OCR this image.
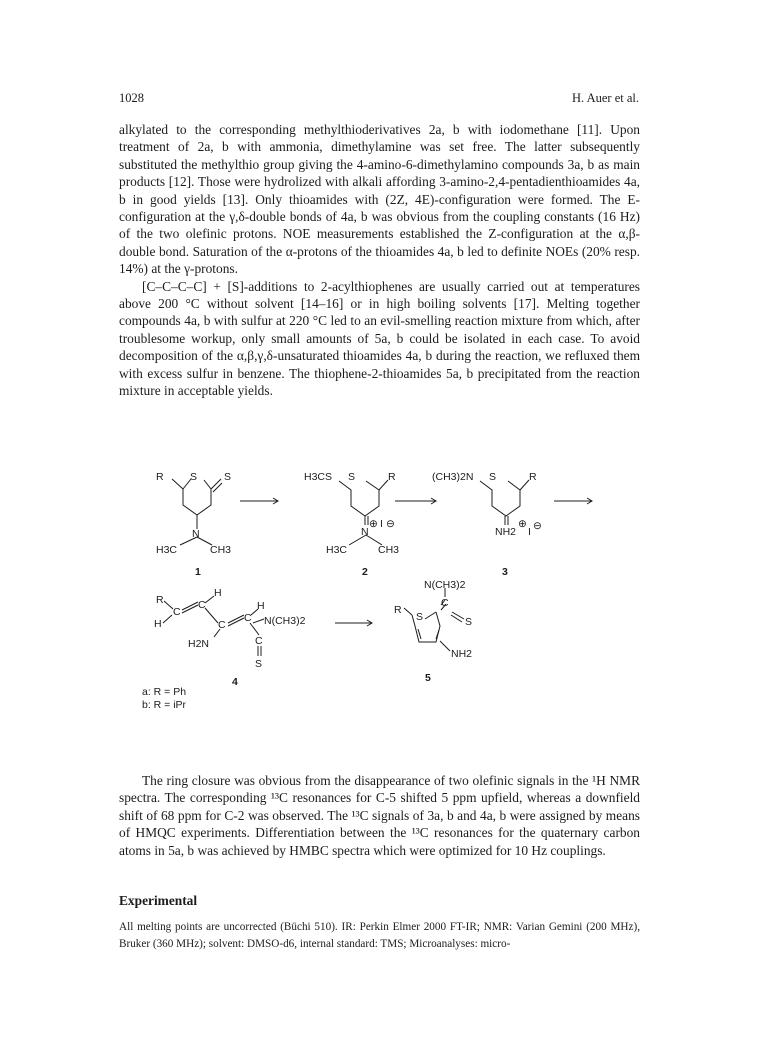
1028	H. Auer et al.

alkylated to the corresponding methylthioderivatives 2a, b with iodomethane [11]. Upon treatment of 2a, b with ammonia, dimethylamine was set free. The latter subsequently substituted the methylthio group giving the 4-amino-6-dimethylamino compounds 3a, b as main products [12]. Those were hydrolized with alkali affording 3-amino-2,4-pentadienthioamides 4a, b in good yields [13]. Only thioamides with (2Z, 4E)-configuration were formed. The E-configuration at the γ,δ-double bonds of 4a, b was obvious from the coupling constants (16 Hz) of the two olefinic protons. NOE measurements established the Z-configuration at the α,β-double bond. Saturation of the α-protons of the thioamides 4a, b led to definite NOEs (20% resp. 14%) at the γ-protons.

[C–C–C–C] + [S]-additions to 2-acylthiophenes are usually carried out at temperatures above 200 °C without solvent [14–16] or in high boiling solvents [17]. Melting together compounds 4a, b with sulfur at 220 °C led to an evil-smelling reaction mixture from which, after troublesome workup, only small amounts of 5a, b could be isolated in each case. To avoid decomposition of the α,β,γ,δ-unsaturated thioamides 4a, b during the reaction, we refluxed them with excess sulfur in benzene. The thiophene-2-thioamides 5a, b precipitated from the reaction mixture in acceptable yields.

R	S	S
N
H3C	CH3
1
H3CS S	R
N
⊕ I ⊖
H3C	CH3
2
(CH3)2N S	R
NH2
⊕
I ⊖
3
R
H
C
C
H	C
C
H
N(CH3)2
H2N	C
S
4
N(CH3)2
R
S
C
S
NH2
5
a: R = Ph
b: R = iPr

The ring closure was obvious from the disappearance of two olefinic signals in the ¹H NMR spectra. The corresponding ¹³C resonances for C-5 shifted 5 ppm upfield, whereas a downfield shift of 68 ppm for C-2 was observed. The ¹³C signals of 3a, b and 4a, b were assigned by means of HMQC experiments. Differentiation between the ¹³C resonances for the quaternary carbon atoms in 5a, b was achieved by HMBC spectra which were optimized for 10 Hz couplings.

Experimental

All melting points are uncorrected (Büchi 510). IR: Perkin Elmer 2000 FT-IR; NMR: Varian Gemini (200 MHz), Bruker (360 MHz); solvent: DMSO-d6, internal standard: TMS; Microanalyses: micro-
